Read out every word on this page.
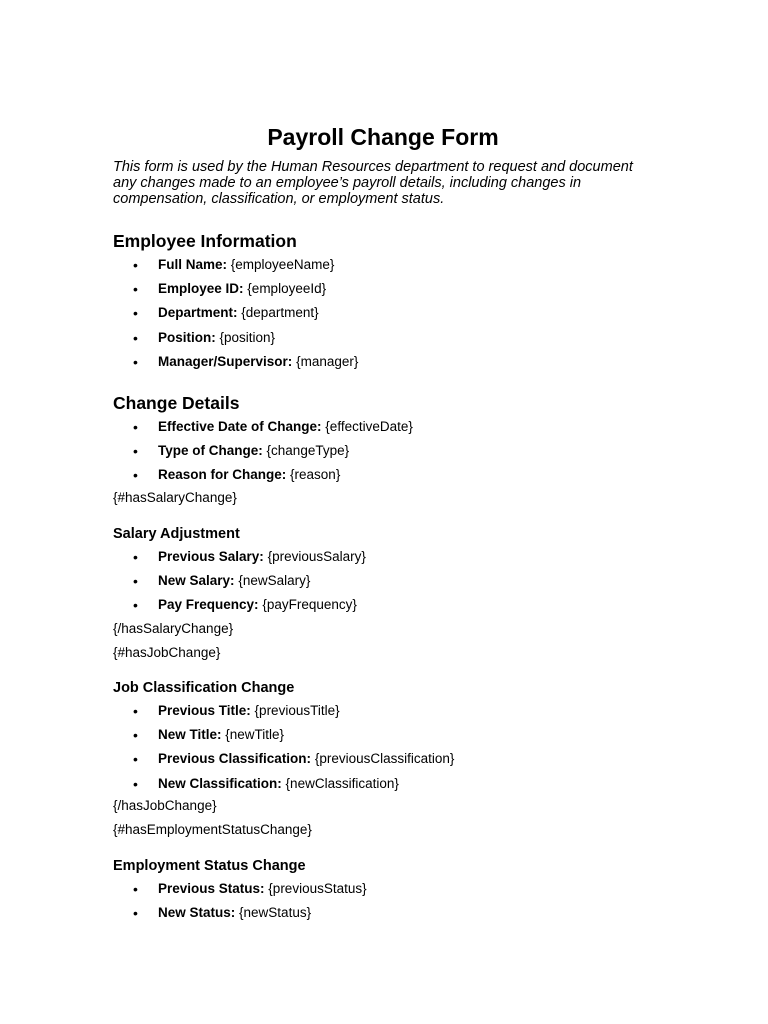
Payroll Change Form

This form is used by the Human Resources department to request and document any changes made to an employee’s payroll details, including changes in compensation, classification, or employment status.

Employee Information
• Full Name: {employeeName}
• Employee ID: {employeeId}
• Department: {department}
• Position: {position}
• Manager/Supervisor: {manager}
Change Details
• Effective Date of Change: {effectiveDate}
• Type of Change: {changeType}
• Reason for Change: {reason}

{#hasSalaryChange}

Salary Adjustment
• Previous Salary: {previousSalary}
• New Salary: {newSalary}
• Pay Frequency: {payFrequency}

{/hasSalaryChange}

{#hasJobChange}

Job Classification Change
• Previous Title: {previousTitle}
• New Title: {newTitle}
• Previous Classification: {previousClassification}
• New Classification: {newClassification}

{/hasJobChange}

{#hasEmploymentStatusChange}

Employment Status Change
• Previous Status: {previousStatus}
• New Status: {newStatus}
